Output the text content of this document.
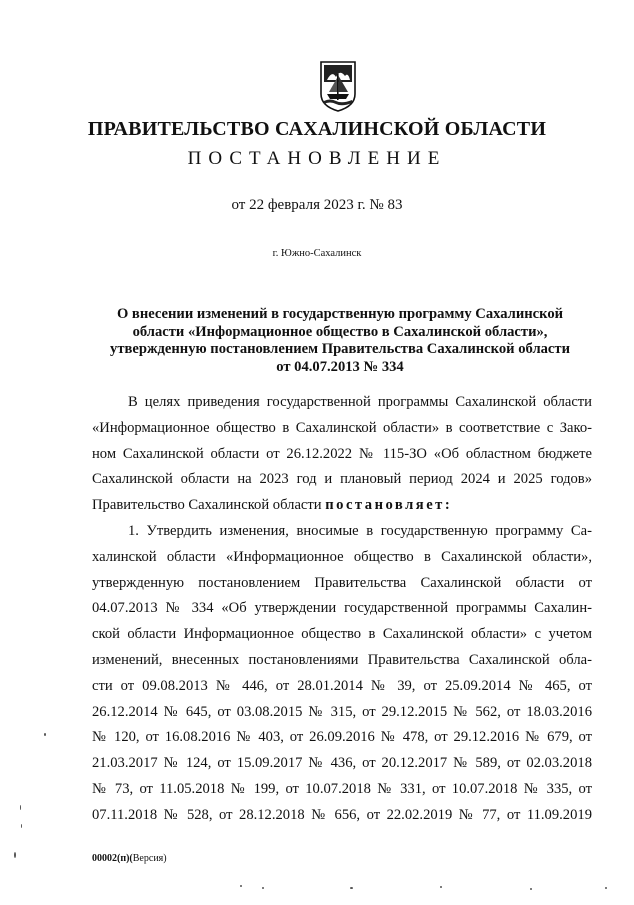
ПРАВИТЕЛЬСТВО САХАЛИНСКОЙ ОБЛАСТИ
ПОСТАНОВЛЕНИЕ
от 22 февраля 2023 г. № 83
г. Южно-Сахалинск
О внесении изменений в государственную программу Сахалинской
области «Информационное общество в Сахалинской области»,
утвержденную постановлением Правительства Сахалинской области
от 04.07.2013 № 334
В целях приведения государственной программы Сахалинской области
«Информационное общество в Сахалинской области» в соответствие с Зако-
ном Сахалинской области от 26.12.2022 № 115-ЗО «Об областном бюджете
Сахалинской области на 2023 год и плановый период 2024 и 2025 годов»
Правительство Сахалинской области постановляет:
1. Утвердить изменения, вносимые в государственную программу Са-
халинской области «Информационное общество в Сахалинской области»,
утвержденную постановлением Правительства Сахалинской области от
04.07.2013 № 334 «Об утверждении государственной программы Сахалин-
ской области Информационное общество в Сахалинской области» с учетом
изменений, внесенных постановлениями Правительства Сахалинской обла-
сти от 09.08.2013 № 446, от 28.01.2014 № 39, от 25.09.2014 № 465, от
26.12.2014 № 645, от 03.08.2015 № 315, от 29.12.2015 № 562, от 18.03.2016
№ 120, от 16.08.2016 № 403, от 26.09.2016 № 478, от 29.12.2016 № 679, от
21.03.2017 № 124, от 15.09.2017 № 436, от 20.12.2017 № 589, от 02.03.2018
№ 73, от 11.05.2018 № 199, от 10.07.2018 № 331, от 10.07.2018 № 335, от
07.11.2018 № 528, от 28.12.2018 № 656, от 22.02.2019 № 77, от 11.09.2019
00002(п)(Версия)
